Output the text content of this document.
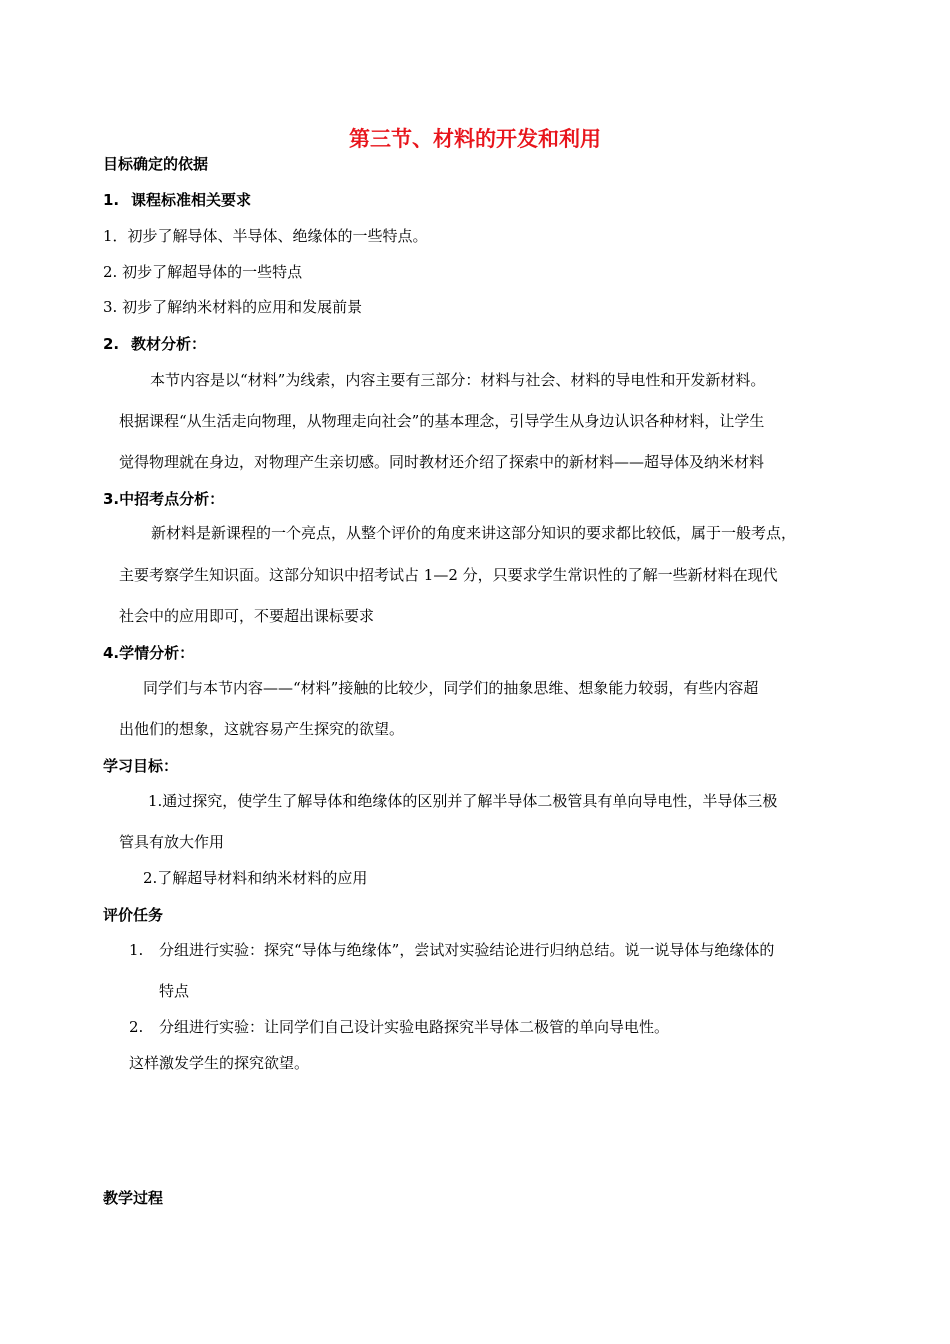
第三节、材料的开发和利用
目标确定的依据
1. 课程标准相关要求
1．初步了解导体、半导体、绝缘体的一些特点。
2. 初步了解超导体的一些特点
3. 初步了解纳米材料的应用和发展前景
2. 教材分析：
本节内容是以“材料”为线索，内容主要有三部分：材料与社会、材料的导电性和开发新材料。
根据课程“从生活走向物理，从物理走向社会”的基本理念，引导学生从身边认识各种材料，让学生
觉得物理就在身边，对物理产生亲切感。同时教材还介绍了探索中的新材料——超导体及纳米材料
3.中招考点分析：
新材料是新课程的一个亮点，从整个评价的角度来讲这部分知识的要求都比较低，属于一般考点，
主要考察学生知识面。这部分知识中招考试占 1—2 分，只要求学生常识性的了解一些新材料在现代
社会中的应用即可，不要超出课标要求
4.学情分析：
同学们与本节内容——“材料”接触的比较少，同学们的抽象思维、想象能力较弱，有些内容超
出他们的想象，这就容易产生探究的欲望。
学习目标：
1.通过探究，使学生了解导体和绝缘体的区别并了解半导体二极管具有单向导电性，半导体三极
管具有放大作用
2.了解超导材料和纳米材料的应用
评价任务
1. 分组进行实验：探究“导体与绝缘体”，尝试对实验结论进行归纳总结。说一说导体与绝缘体的
特点
2. 分组进行实验：让同学们自己设计实验电路探究半导体二极管的单向导电性。
这样激发学生的探究欲望。
教学过程
